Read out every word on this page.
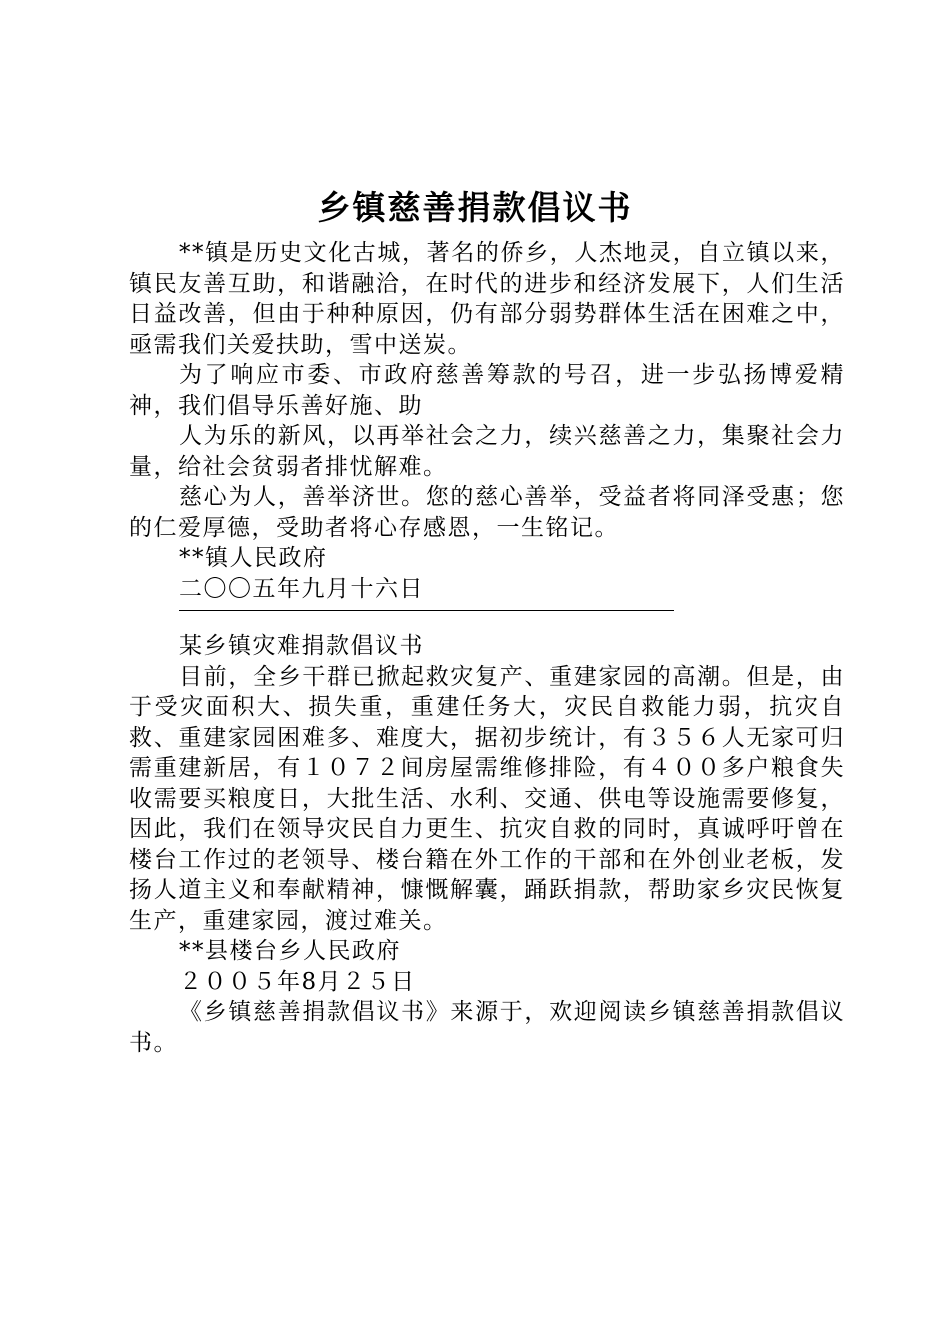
乡镇慈善捐款倡议书

**镇是历史文化古城，著名的侨乡，人杰地灵，自立镇以来，镇民友善互助，和谐融洽，在时代的进步和经济发展下，人们生活日益改善，但由于种种原因，仍有部分弱势群体生活在困难之中，亟需我们关爱扶助，雪中送炭。

为了响应市委、市政府慈善筹款的号召，进一步弘扬博爱精神，我们倡导乐善好施、助

人为乐的新风，以再举社会之力，续兴慈善之力，集聚社会力量，给社会贫弱者排忧解难。

慈心为人，善举济世。您的慈心善举，受益者将同泽受惠；您的仁爱厚德，受助者将心存感恩，一生铭记。

**镇人民政府

二〇〇五年九月十六日

某乡镇灾难捐款倡议书

目前，全乡干群已掀起救灾复产、重建家园的高潮。但是，由于受灾面积大、损失重，重建任务大，灾民自救能力弱，抗灾自救、重建家园困难多、难度大，据初步统计，有３５６人无家可归需重建新居，有１０７２间房屋需维修排险，有４００多户粮食失收需要买粮度日，大批生活、水利、交通、供电等设施需要修复，因此，我们在领导灾民自力更生、抗灾自救的同时，真诚呼吁曾在楼台工作过的老领导、楼台籍在外工作的干部和在外创业老板，发扬人道主义和奉献精神，慷慨解囊，踊跃捐款，帮助家乡灾民恢复生产，重建家园，渡过难关。

**县楼台乡人民政府

２００５年8月２５日

《乡镇慈善捐款倡议书》来源于，欢迎阅读乡镇慈善捐款倡议书。
